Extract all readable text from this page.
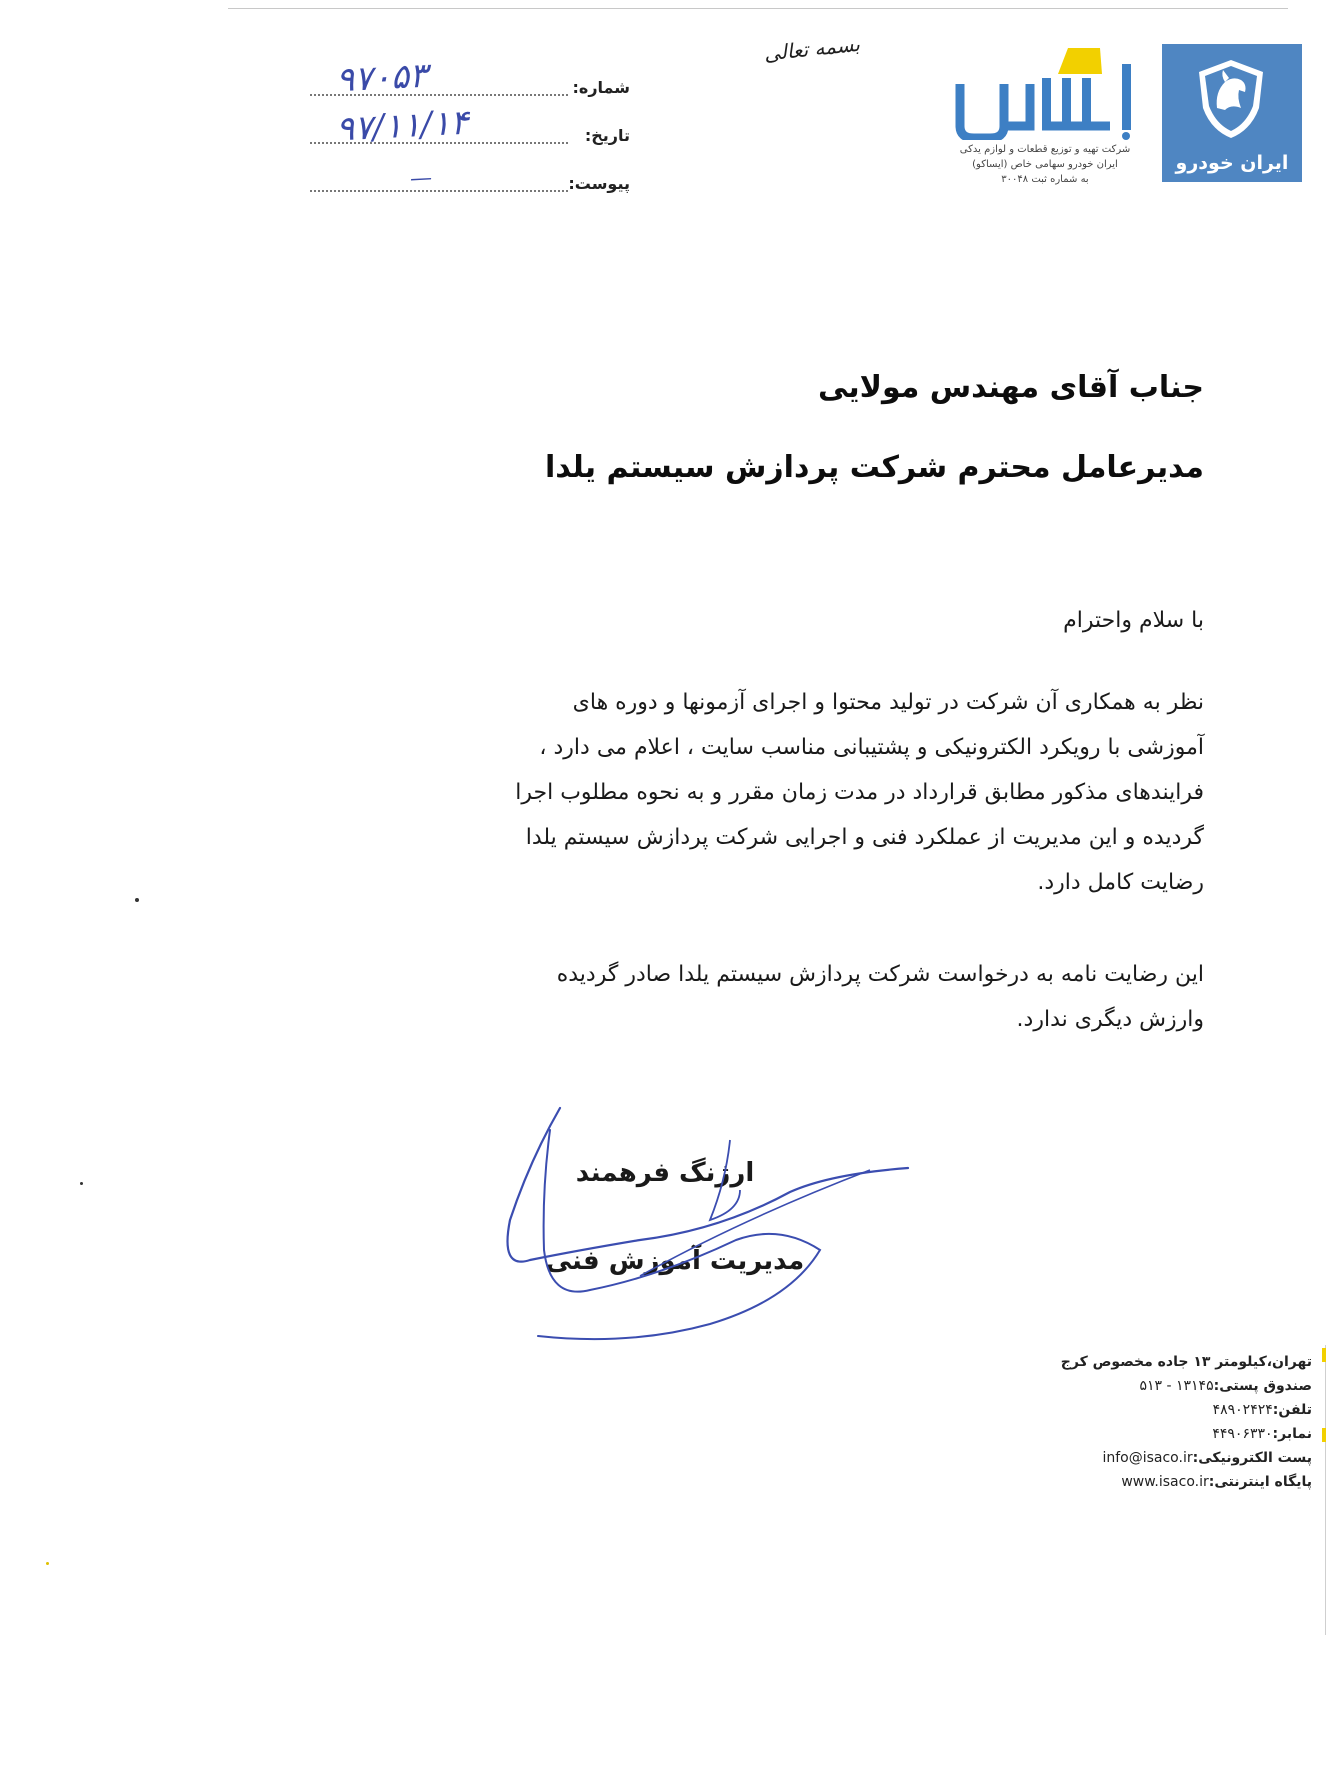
ایران خودرو
شرکت تهیه و توزیع قطعات و لوازم یدکی
ایران خودرو سهامی خاص (ایساکو)
به شماره ثبت ۳۰۰۴۸
بسمه تعالی
۹۷۰۵۳	شماره:
۹۷/۱۱/۱۴	تاریخ:
—	پیوست:
جناب آقای مهندس مولایی
مدیرعامل محترم شرکت پردازش سیستم یلدا
با سلام واحترام
نظر به همکاری آن شرکت در تولید محتوا و اجرای آزمونها و دوره های
آموزشی با رویکرد الکترونیکی و پشتیبانی مناسب سایت ، اعلام می دارد ،
فرایندهای مذکور مطابق قرارداد در مدت زمان مقرر و به نحوه مطلوب اجرا
گردیده و این مدیریت از عملکرد فنی و اجرایی شرکت پردازش سیستم یلدا
رضایت کامل دارد.
این رضایت نامه به درخواست شرکت پردازش سیستم یلدا صادر گردیده
وارزش دیگری ندارد.
ارژنگ فرهمند
مدیریت آموزش فنی
تهران،کیلومتر ۱۳ جاده مخصوص کرج
صندوق پستی:۱۳۱۴۵ - ۵۱۳
تلفن:۴۸۹۰۲۴۲۴
نمابر:۴۴۹۰۶۳۳۰
پست الکترونیکی:info@isaco.ir
پایگاه اینترنتی:www.isaco.ir
